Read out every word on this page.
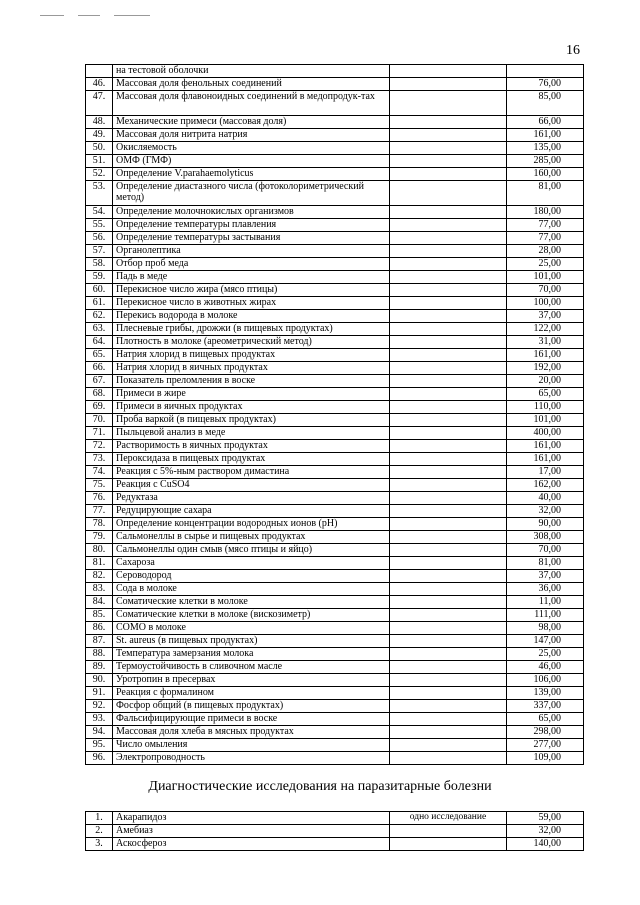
16
	на тестовой оболочки		
46.	Массовая доля фенольных соединений		76,00
47.	Массовая доля флавоноидных соединений в медопродук-тах		85,00
48.	Механические примеси (массовая доля)		66,00
49.	Массовая доля нитрита натрия		161,00
50.	Окисляемость		135,00
51.	ОМФ (ГМФ)		285,00
52.	Определение V.parahaemolyticus		160,00
53.	Определение диастазного числа (фотоколориметрический метод)		81,00
54.	Определение молочнокислых организмов		180,00
55.	Определение температуры плавления		77,00
56.	Определение температуры застывания		77,00
57.	Органолептика		28,00
58.	Отбор проб меда		25,00
59.	Падь в меде		101,00
60.	Перекисное число жира (мясо птицы)		70,00
61.	Перекисное число в животных жирах		100,00
62.	Перекись водорода в молоке		37,00
63.	Плесневые грибы, дрожжи (в пищевых продуктах)		122,00
64.	Плотность в молоке (ареометрический метод)		31,00
65.	Натрия хлорид в пищевых продуктах		161,00
66.	Натрия хлорид в яичных продуктах		192,00
67.	Показатель преломления в воске		20,00
68.	Примеси в жире		65,00
69.	Примеси в яичных продуктах		110,00
70.	Проба варкой (в пищевых продуктах)		101,00
71.	Пыльцевой анализ в меде		400,00
72.	Растворимость в яичных продуктах		161,00
73.	Пероксидаза в пищевых продуктах		161,00
74.	Реакция с 5%-ным раствором димастина		17,00
75.	Реакция с CuSO4		162,00
76.	Редуктаза		40,00
77.	Редуцирующие сахара		32,00
78.	Определение концентрации водородных ионов (pH)		90,00
79.	Сальмонеллы в сырье и пищевых продуктах		308,00
80.	Сальмонеллы один смыв (мясо птицы и яйцо)		70,00
81.	Сахароза		81,00
82.	Сероводород		37,00
83.	Сода в молоке		36,00
84.	Соматические клетки в молоке		11,00
85.	Соматические клетки в молоке (вискозиметр)		111,00
86.	СОМО в молоке		98,00
87.	St. aureus (в пищевых продуктах)		147,00
88.	Температура замерзания молока		25,00
89.	Термоустойчивость в сливочном масле		46,00
90.	Уротропин в пресервах		106,00
91.	Реакция с формалином		139,00
92.	Фосфор общий (в пищевых продуктах)		337,00
93.	Фальсифицирующие примеси в воске		65,00
94.	Массовая доля хлеба в мясных продуктах		298,00
95.	Число омыления		277,00
96.	Электропроводность		109,00
Диагностические исследования на паразитарные болезни
1.	Акарапидоз	одно исследование	59,00
2.	Амебиаз		32,00
3.	Аскосфероз		140,00
